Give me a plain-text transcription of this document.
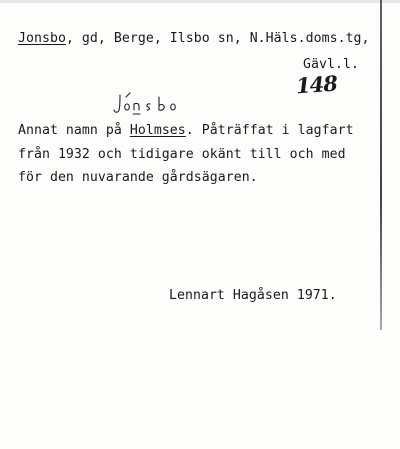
Jonsbo, gd, Berge, Ilsbo sn, N.Häls.doms.tg,
Gävl.l.

148
Annat namn på Holmses. Påträffat i lagfart
från 1932 och tidigare okänt till och med
för den nuvarande gårdsägaren.
Lennart Hagåsen 1971.
